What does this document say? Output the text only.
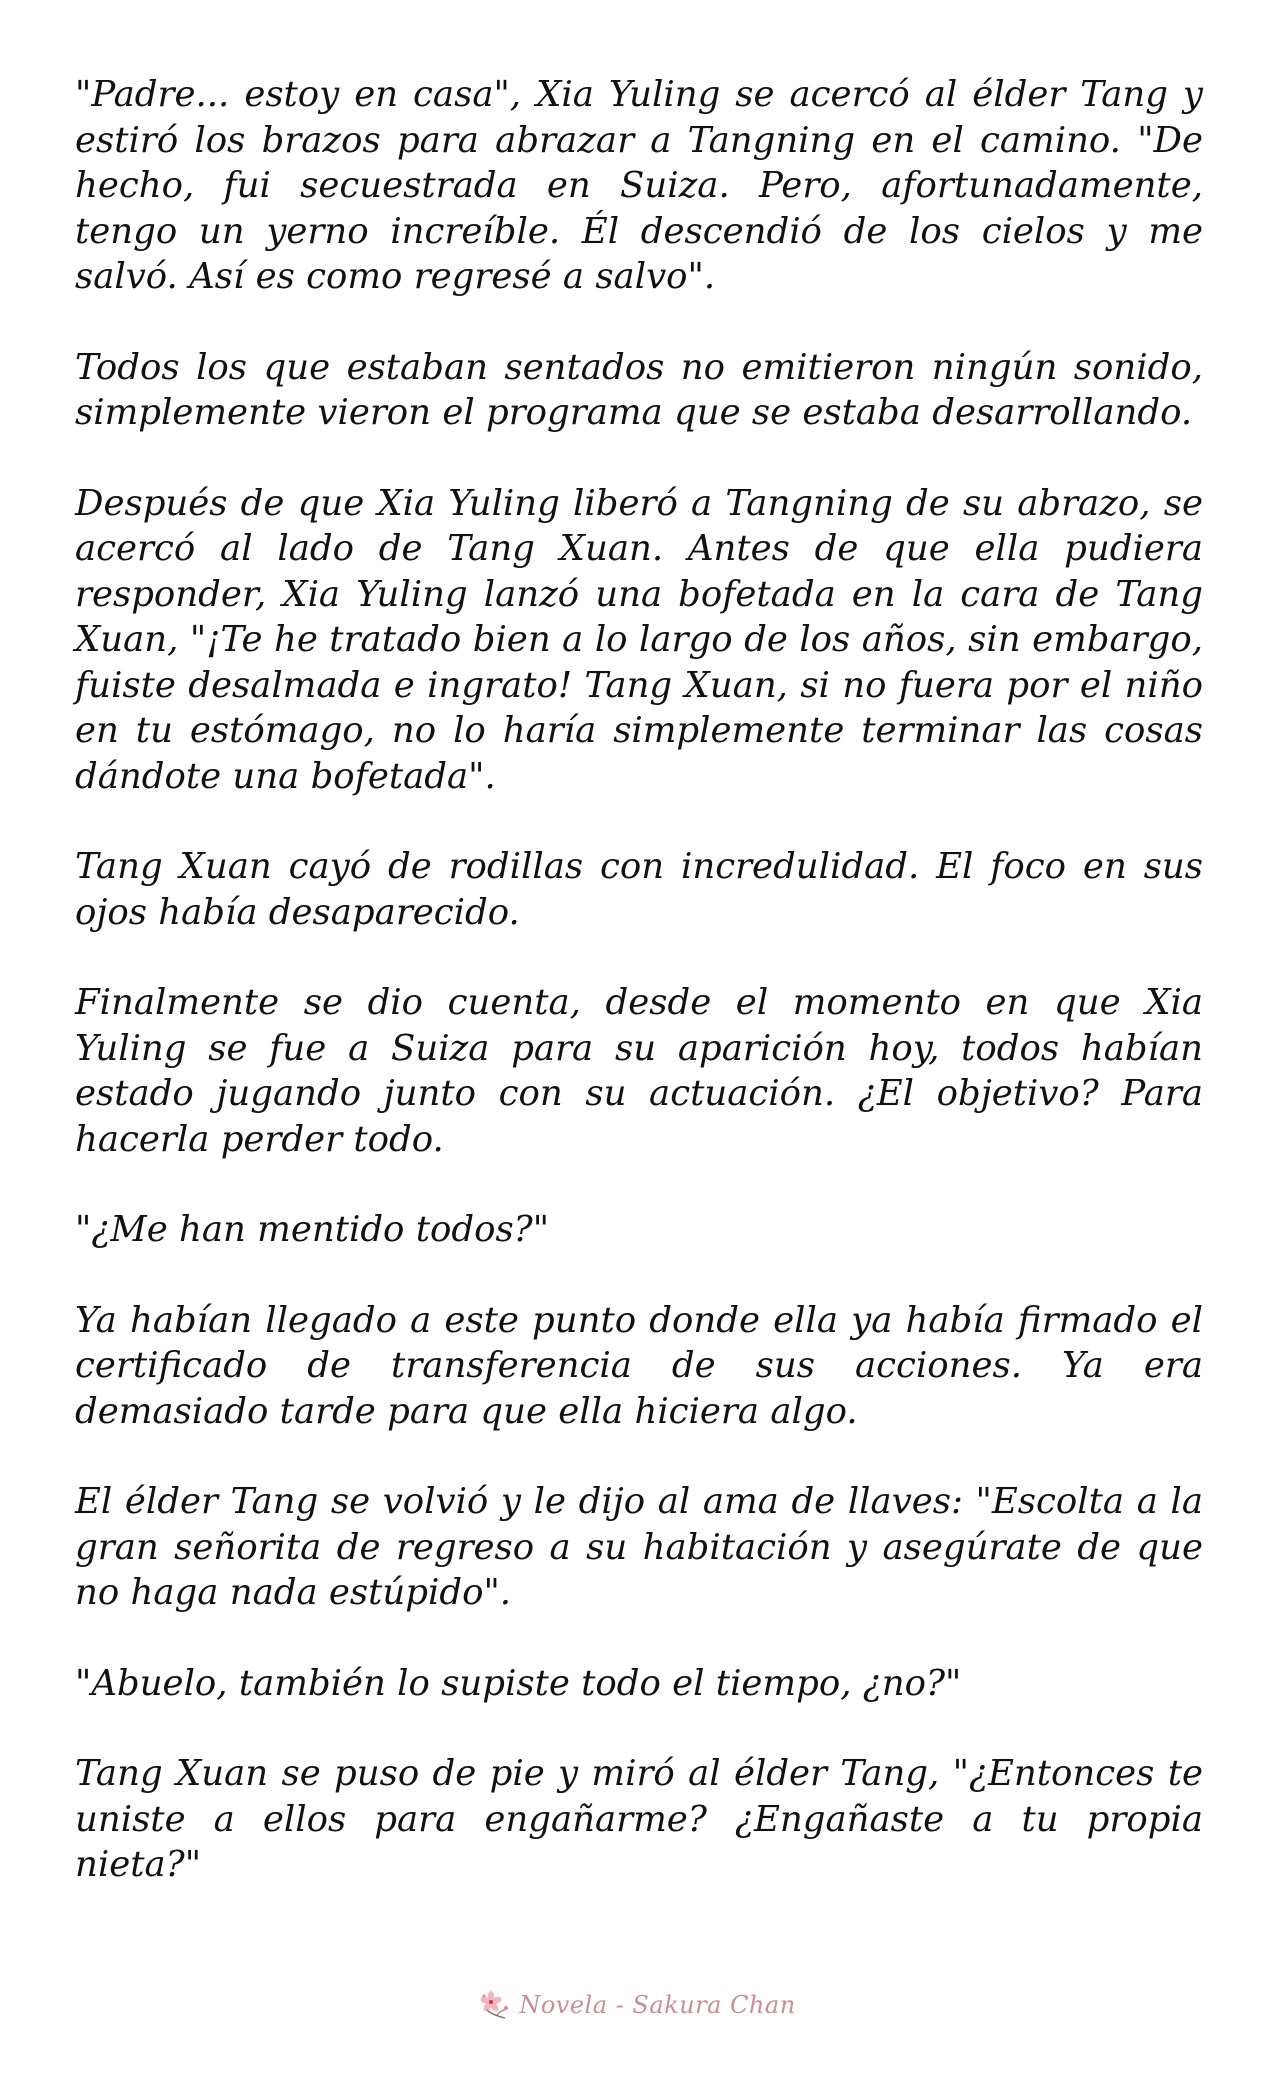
"Padre... estoy en casa", Xia Yuling se acercó al élder Tang y estiró los brazos para abrazar a Tangning en el camino. "De hecho, fui secuestrada en Suiza. Pero, afortunadamente, tengo un yerno increíble. Él descendió de los cielos y me salvó. Así es como regresé a salvo".

Todos los que estaban sentados no emitieron ningún sonido, simplemente vieron el programa que se estaba desarrollando.

Después de que Xia Yuling liberó a Tangning de su abrazo, se acercó al lado de Tang Xuan. Antes de que ella pudiera responder, Xia Yuling lanzó una bofetada en la cara de Tang Xuan, "¡Te he tratado bien a lo largo de los años, sin embargo, fuiste desalmada e ingrato! Tang Xuan, si no fuera por el niño en tu estómago, no lo haría simplemente terminar las cosas dándote una bofetada".

Tang Xuan cayó de rodillas con incredulidad. El foco en sus ojos había desaparecido.

Finalmente se dio cuenta, desde el momento en que Xia Yuling se fue a Suiza para su aparición hoy, todos habían estado jugando junto con su actuación. ¿El objetivo? Para hacerla perder todo.

"¿Me han mentido todos?"

Ya habían llegado a este punto donde ella ya había firmado el certificado de transferencia de sus acciones. Ya era demasiado tarde para que ella hiciera algo.

El élder Tang se volvió y le dijo al ama de llaves: "Escolta a la gran señorita de regreso a su habitación y asegúrate de que no haga nada estúpido".

"Abuelo, también lo supiste todo el tiempo, ¿no?"

Tang Xuan se puso de pie y miró al élder Tang, "¿Entonces te uniste a ellos para engañarme? ¿Engañaste a tu propia nieta?"

Novela - Sakura Chan
